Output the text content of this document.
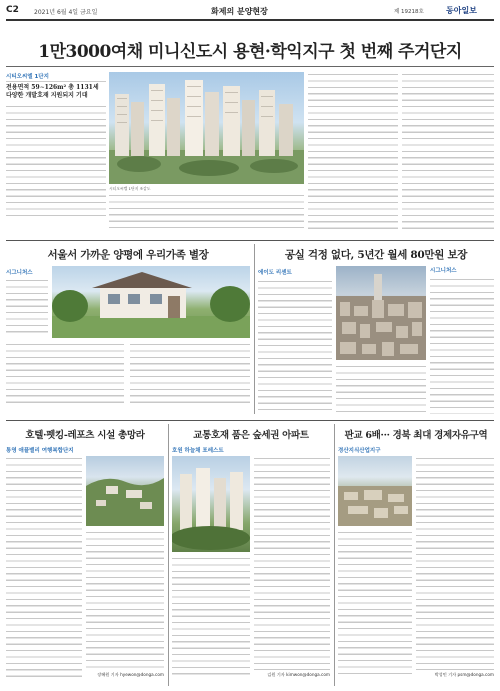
C2	2021년 6월 4일 금요일	화제의 분양현장	제 19218호	동아일보
1만3000여채 미니신도시 용현·학익지구 첫 번째 주거단지
시티오씨엘 1단지
전용면적 59∼126m² 총 1131세
다양한 개발호재 지원되지 기대
시티오씨엘 1단지 조감도
서울서 가까운 양평에 우리가족 별장
시그니처스
공실 걱정 없다, 5년간 월세 80만원 보장
에이도 리센트	시그니처스
호텔·펫킹-레포츠 시설 총망라
통영 애플밸리 여행복합단지
장혜원 기자 hyewon@donga.com
교통호재 품은 숲세권 아파트
호원 하늘채 포레스트
김원 기자 kimwon@donga.com
판교 6배··· 경북 최대 경제자유구역
경산지식산업지구
박성민 기자 psm@donga.com
